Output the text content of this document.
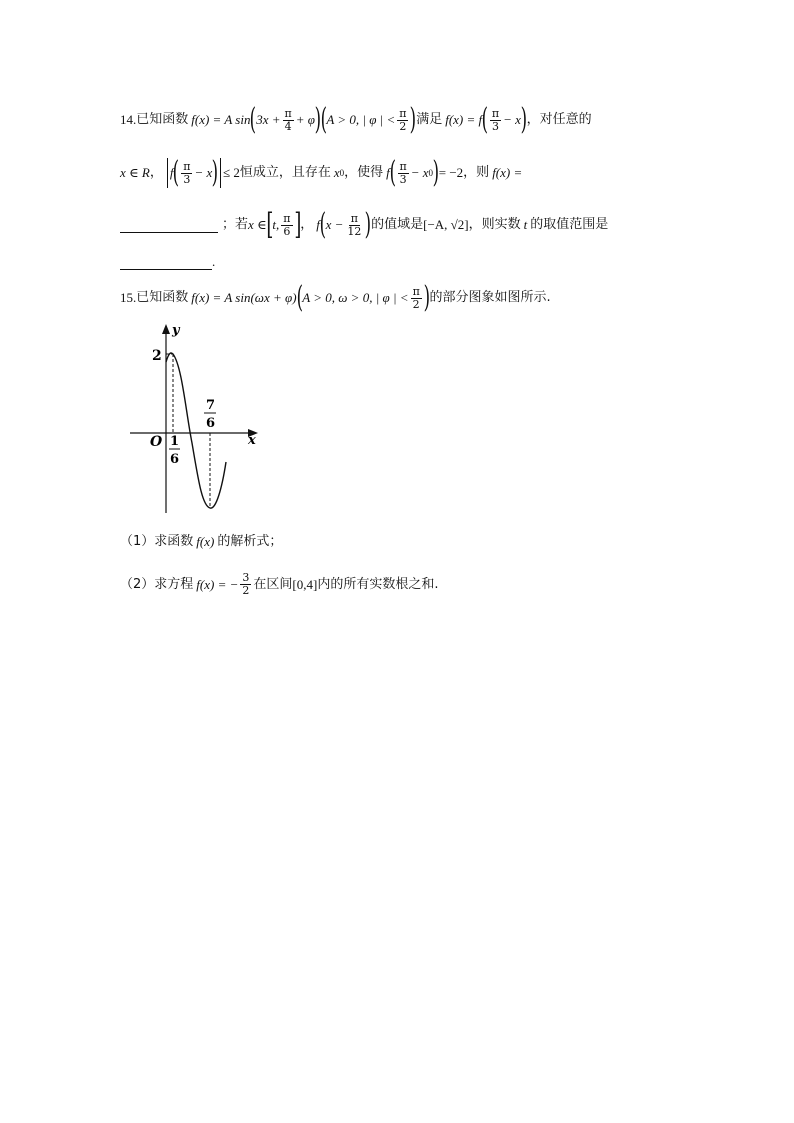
14. 已知函数 f(x) = A sin ( $3x + \frac{\pi}{4} + \varphi$ ) ( A > 0, | φ | < $\frac{\pi}{2}$ ) 满足 f(x) = f ( $\frac{\pi}{3} - x$ ) ，对任意的
x ∈ R ， f ( $\frac{\pi}{3} - x$ ) ≤ 2 恒成立，且存在 x 0 ，使得 f ( $\frac{\pi}{3} - x$ 0 ) = −2 ，则 f(x) =
；若 x ∈ [ t, $\frac{\pi}{6}$ ] ， f ( $x - \frac{\pi}{12}$ ) 的值域是 [−A, √2] ，则实数 t 的取值范围是
.
15. 已知函数 f(x) = A sin(ωx + φ) ( A > 0, ω > 0, | φ | < $\frac{\pi}{2}$ ) 的部分图象如图所示.
y
x
O
2
1
6
7
6
（1）求函数 f(x) 的解析式；
（2）求方程 f(x) = − $\frac{3}{2}$ 在区间 [0,4] 内的所有实数根之和.
